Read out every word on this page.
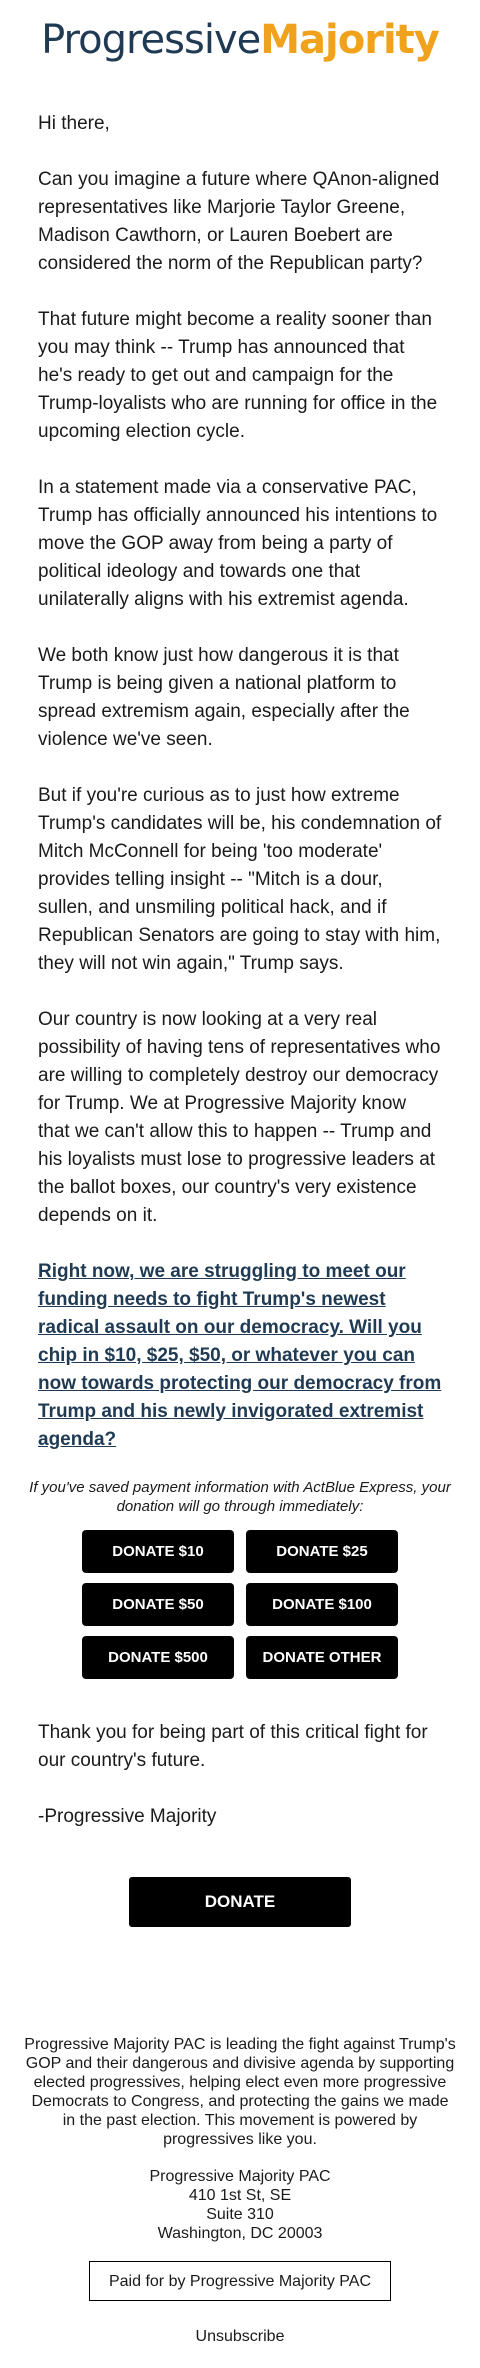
Progressive Majority

Hi there,

Can you imagine a future where QAnon-aligned representatives like Marjorie Taylor Greene, Madison Cawthorn, or Lauren Boebert are considered the norm of the Republican party?

That future might become a reality sooner than you may think -- Trump has announced that he's ready to get out and campaign for the Trump-loyalists who are running for office in the upcoming election cycle.

In a statement made via a conservative PAC, Trump has officially announced his intentions to move the GOP away from being a party of political ideology and towards one that unilaterally aligns with his extremist agenda.

We both know just how dangerous it is that Trump is being given a national platform to spread extremism again, especially after the violence we've seen.

But if you're curious as to just how extreme Trump's candidates will be, his condemnation of Mitch McConnell for being 'too moderate' provides telling insight -- "Mitch is a dour, sullen, and unsmiling political hack, and if Republican Senators are going to stay with him, they will not win again," Trump says.

Our country is now looking at a very real possibility of having tens of representatives who are willing to completely destroy our democracy for Trump. We at Progressive Majority know that we can't allow this to happen -- Trump and his loyalists must lose to progressive leaders at the ballot boxes, our country's very existence depends on it.

Right now, we are struggling to meet our funding needs to fight Trump's newest radical assault on our democracy. Will you chip in $10, $25, $50, or whatever you can now towards protecting our democracy from Trump and his newly invigorated extremist agenda?

If you've saved payment information with ActBlue Express, your donation will go through immediately:
DONATE $10	DONATE $25
DONATE $50	DONATE $100
DONATE $500	DONATE OTHER

Thank you for being part of this critical fight for our country's future.

-Progressive Majority

DONATE
Progressive Majority PAC is leading the fight against Trump's GOP and their dangerous and divisive agenda by supporting elected progressives, helping elect even more progressive Democrats to Congress, and protecting the gains we made in the past election. This movement is powered by progressives like you.
Progressive Majority PAC
410 1st St, SE
Suite 310
Washington, DC 20003
Paid for by Progressive Majority PAC
Unsubscribe
